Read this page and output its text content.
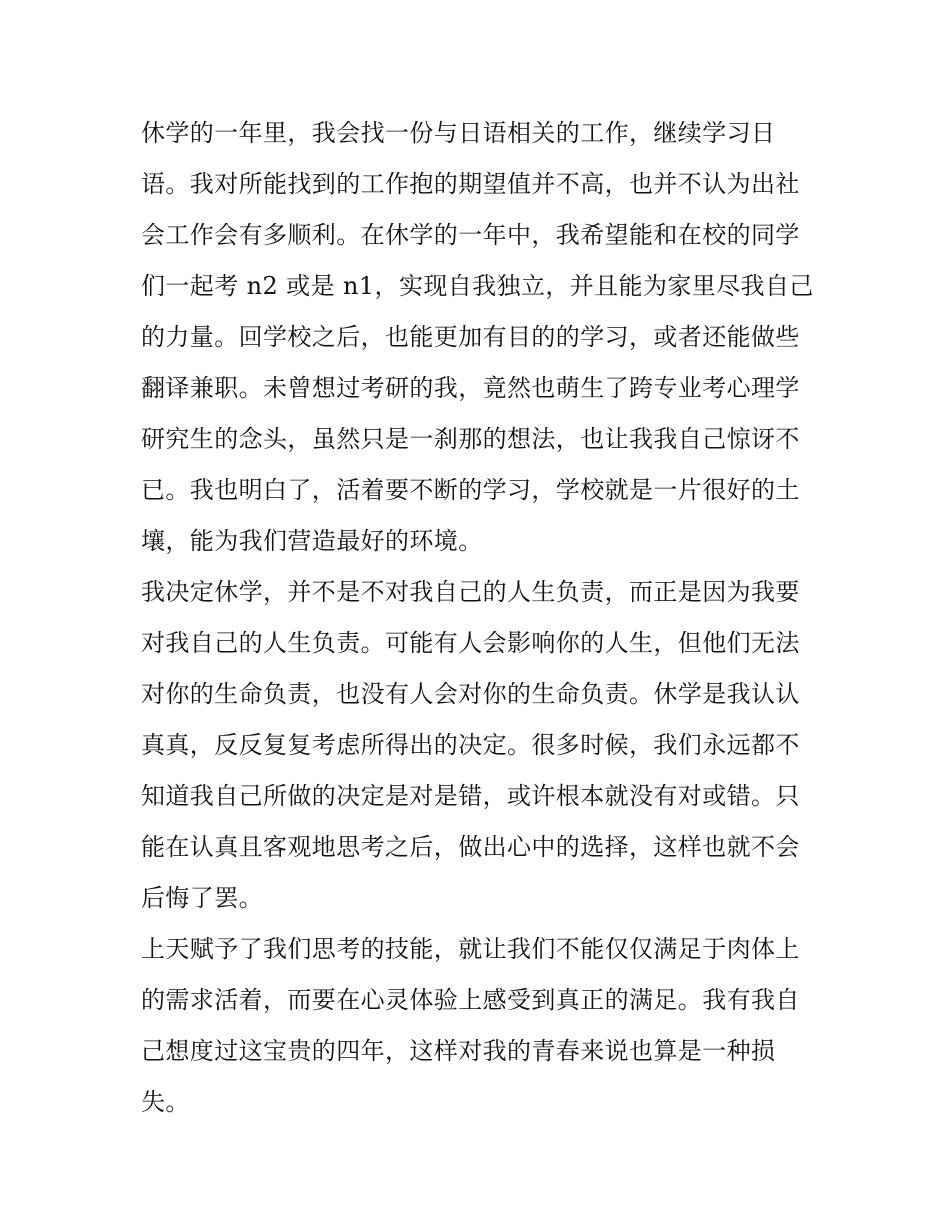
休学的一年里，我会找一份与日语相关的工作，继续学习日
语。我对所能找到的工作抱的期望值并不高，也并不认为出社
会工作会有多顺利。在休学的一年中，我希望能和在校的同学
们一起考 n2 或是 n1，实现自我独立，并且能为家里尽我自己
的力量。回学校之后，也能更加有目的的学习，或者还能做些
翻译兼职。未曾想过考研的我，竟然也萌生了跨专业考心理学
研究生的念头，虽然只是一刹那的想法，也让我我自己惊讶不
已。我也明白了，活着要不断的学习，学校就是一片很好的土
壤，能为我们营造最好的环境。
我决定休学，并不是不对我自己的人生负责，而正是因为我要
对我自己的人生负责。可能有人会影响你的人生，但他们无法
对你的生命负责，也没有人会对你的生命负责。休学是我认认
真真，反反复复考虑所得出的决定。很多时候，我们永远都不
知道我自己所做的决定是对是错，或许根本就没有对或错。只
能在认真且客观地思考之后，做出心中的选择，这样也就不会
后悔了罢。
上天赋予了我们思考的技能，就让我们不能仅仅满足于肉体上
的需求活着，而要在心灵体验上感受到真正的满足。我有我自
己想度过这宝贵的四年，这样对我的青春来说也算是一种损
失。
